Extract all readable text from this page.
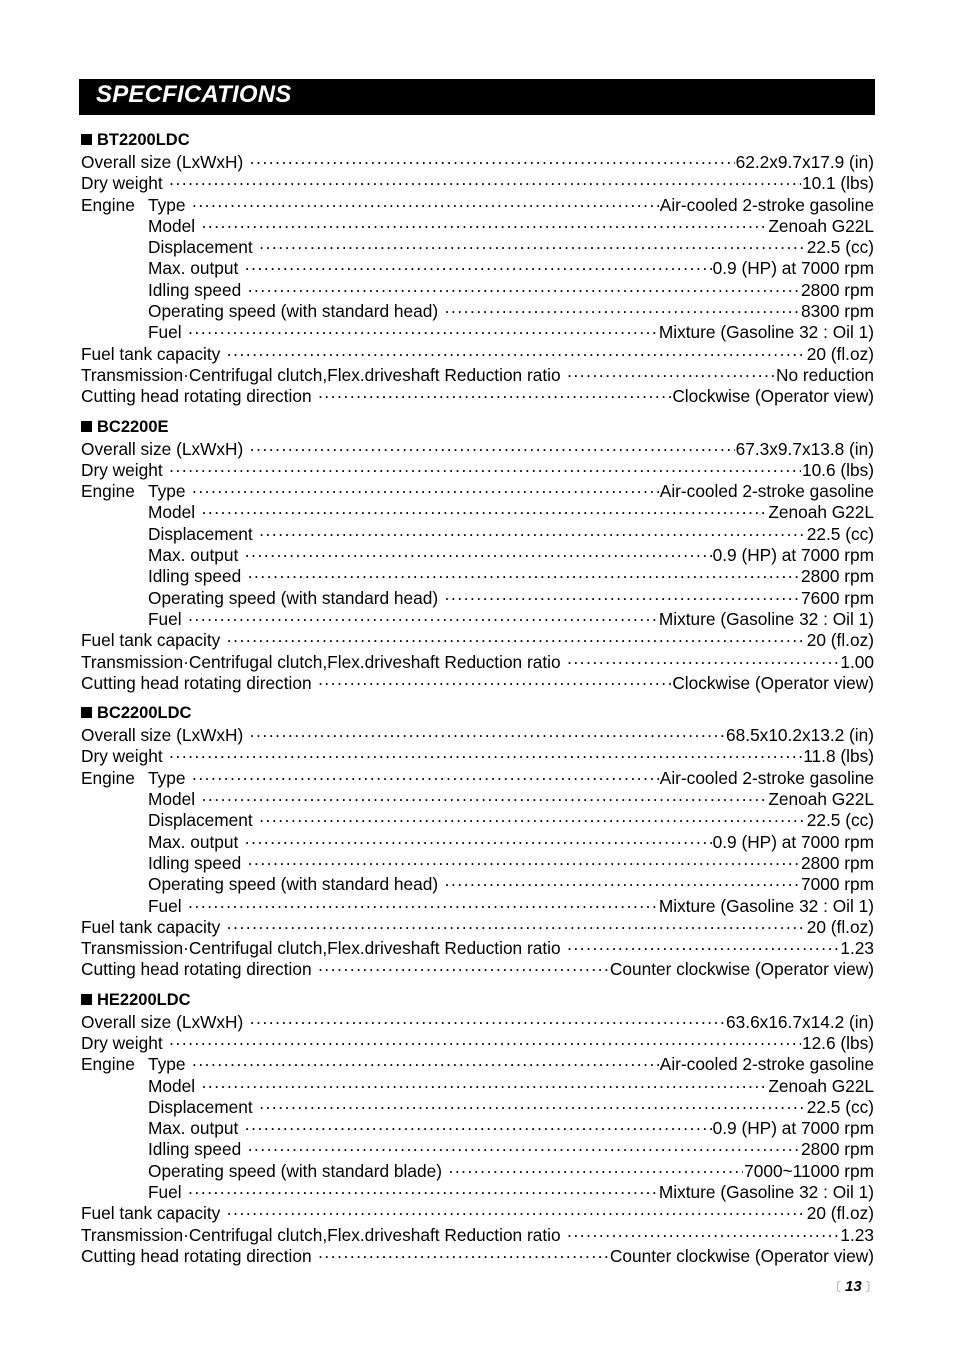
SPECFICATIONS
BT2200LDC
Overall size (LxWxH) ·····	62.2x9.7x17.9 (in)
Dry weight ·····	10.1 (lbs)
Engine Type ·····	Air-cooled 2-stroke gasoline
Model ·····	Zenoah G22L
Displacement ·····	22.5 (cc)
Max. output ·····	0.9 (HP) at 7000 rpm
Idling speed ·····	2800 rpm
Operating speed (with standard head) ·····	8300 rpm
Fuel ·····	Mixture (Gasoline 32 : Oil 1)
Fuel tank capacity ·····	20 (fl.oz)
Transmission·Centrifugal clutch,Flex.driveshaft Reduction ratio ·····	No reduction
Cutting head rotating direction ·····	Clockwise (Operator view)
BC2200E
Overall size (LxWxH) ·····	67.3x9.7x13.8 (in)
Dry weight ·····	10.6 (lbs)
Engine Type ·····	Air-cooled 2-stroke gasoline
Model ·····	Zenoah G22L
Displacement ·····	22.5 (cc)
Max. output ·····	0.9 (HP) at 7000 rpm
Idling speed ·····	2800 rpm
Operating speed (with standard head) ·····	7600 rpm
Fuel ·····	Mixture (Gasoline 32 : Oil 1)
Fuel tank capacity ·····	20 (fl.oz)
Transmission·Centrifugal clutch,Flex.driveshaft Reduction ratio ·····	1.00
Cutting head rotating direction ·····	Clockwise (Operator view)
BC2200LDC
Overall size (LxWxH) ·····	68.5x10.2x13.2 (in)
Dry weight ·····	11.8 (lbs)
Engine Type ·····	Air-cooled 2-stroke gasoline
Model ·····	Zenoah G22L
Displacement ·····	22.5 (cc)
Max. output ·····	0.9 (HP) at 7000 rpm
Idling speed ·····	2800 rpm
Operating speed (with standard head) ·····	7000 rpm
Fuel ·····	Mixture (Gasoline 32 : Oil 1)
Fuel tank capacity ·····	20 (fl.oz)
Transmission·Centrifugal clutch,Flex.driveshaft Reduction ratio ·····	1.23
Cutting head rotating direction ·····	Counter clockwise (Operator view)
HE2200LDC
Overall size (LxWxH) ·····	63.6x16.7x14.2 (in)
Dry weight ·····	12.6 (lbs)
Engine Type ·····	Air-cooled 2-stroke gasoline
Model ·····	Zenoah G22L
Displacement ·····	22.5 (cc)
Max. output ·····	0.9 (HP) at 7000 rpm
Idling speed ·····	2800 rpm
Operating speed (with standard blade) ·····	7000~11000 rpm
Fuel ·····	Mixture (Gasoline 32 : Oil 1)
Fuel tank capacity ·····	20 (fl.oz)
Transmission·Centrifugal clutch,Flex.driveshaft Reduction ratio ·····	1.23
Cutting head rotating direction ·····	Counter clockwise (Operator view)
〔 13 〕
